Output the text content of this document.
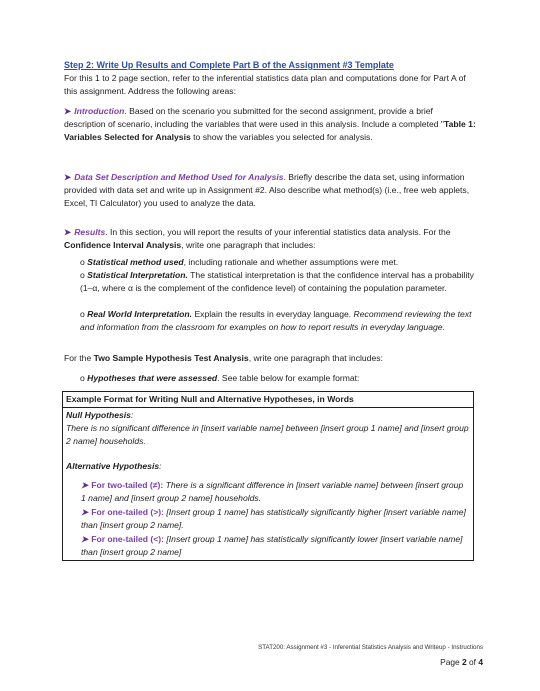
Step 2: Write Up Results and Complete Part B of the Assignment #3 Template
For this 1 to 2 page section, refer to the inferential statistics data plan and computations done for Part A of this assignment. Address the following areas:
➤ Introduction. Based on the scenario you submitted for the second assignment, provide a brief description of scenario, including the variables that were used in this analysis. Include a completed "Table 1: Variables Selected for Analysis to show the variables you selected for analysis.
➤ Data Set Description and Method Used for Analysis. Briefly describe the data set, using information provided with data set and write up in Assignment #2. Also describe what method(s) (i.e., free web applets, Excel, TI Calculator) you used to analyze the data.
➤ Results. In this section, you will report the results of your inferential statistics data analysis. For the Confidence Interval Analysis, write one paragraph that includes:
o Statistical method used, including rationale and whether assumptions were met.
o Statistical Interpretation. The statistical interpretation is that the confidence interval has a probability (1–α, where α is the complement of the confidence level) of containing the population parameter.
o Real World Interpretation. Explain the results in everyday language. Recommend reviewing the text and information from the classroom for examples on how to report results in everyday language.
For the Two Sample Hypothesis Test Analysis, write one paragraph that includes:
o Hypotheses that were assessed. See table below for example format:
Example Format for Writing Null and Alternative Hypotheses, in Words
Null Hypothesis:
There is no significant difference in [insert variable name] between [insert group 1 name] and [insert group 2 name] households.
Alternative Hypothesis:
➤ For two-tailed (≠): There is a significant difference in [insert variable name] between [insert group 1 name] and [insert group 2 name] households.
➤ For one-tailed (>): [Insert group 1 name] has statistically significantly higher [insert variable name] than [insert group 2 name].
➤ For one-tailed (<): [Insert group 1 name] has statistically significantly lower [insert variable name] than [insert group 2 name]
STAT200: Assignment #3 - Inferential Statistics Analysis and Writeup - Instructions
Page 2 of 4
